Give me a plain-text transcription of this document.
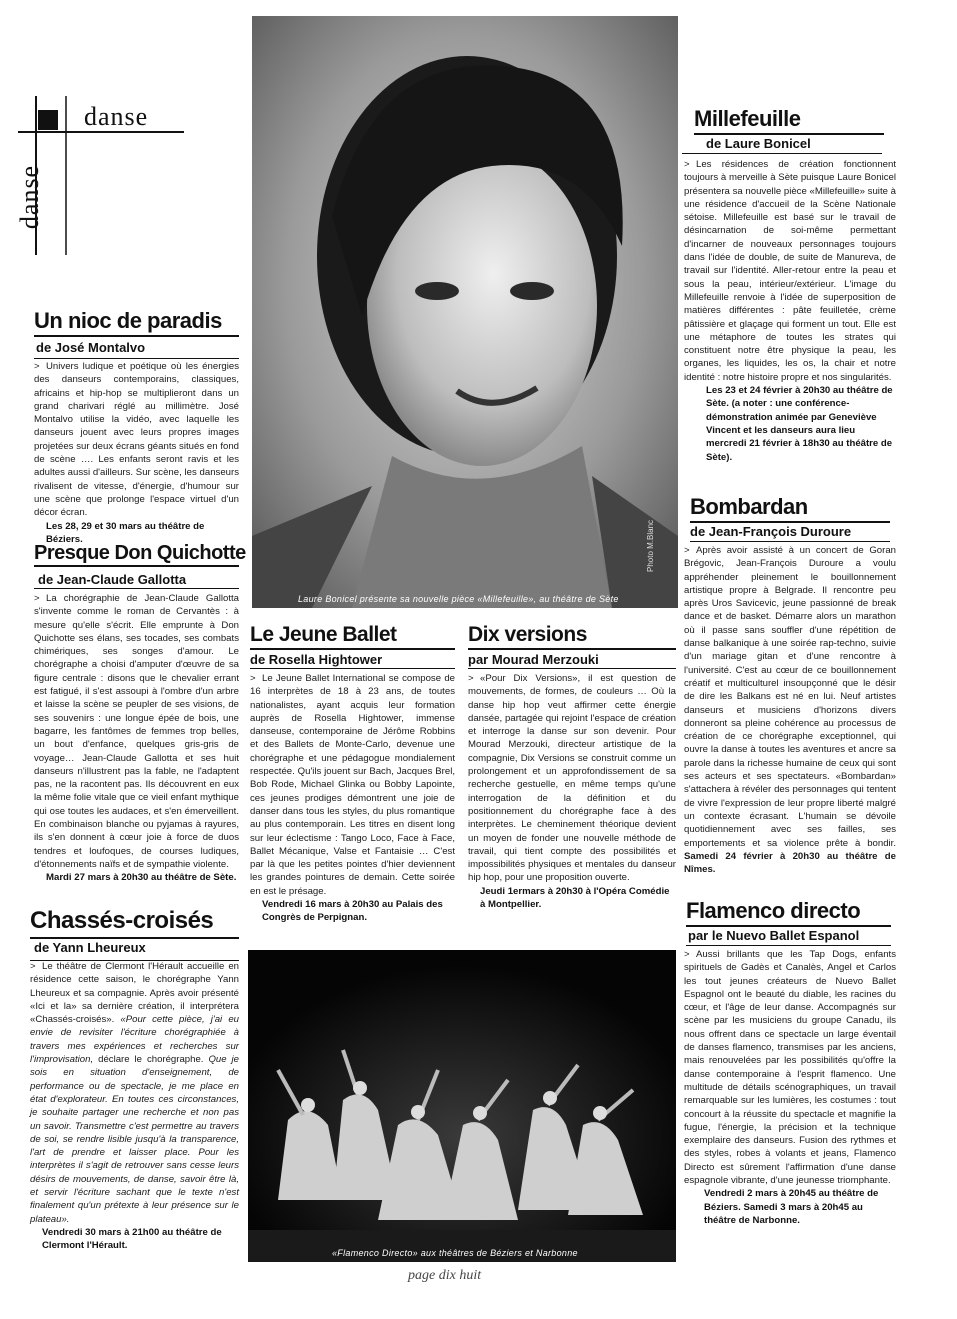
danse
danse
Un nioc de paradis
de José Montalvo
> Univers ludique et poétique où les énergies des danseurs contemporains, classiques, africains et hip-hop se multiplieront dans un grand charivari réglé au millimètre. José Montalvo utilise la vidéo, avec laquelle les danseurs jouent avec leurs propres images projetées sur deux écrans géants situés en fond de scène …. Les enfants seront ravis et les adultes aussi d'ailleurs. Sur scène, les danseurs rivalisent de vitesse, d'énergie, d'humour sur une scène que prolonge l'espace virtuel d'un décor écran.
Les 28, 29 et 30 mars au théâtre de Béziers.
Presque Don Quichotte
de Jean-Claude Gallotta
> La chorégraphie de Jean-Claude Gallotta s'invente comme le roman de Cervantès : à mesure qu'elle s'écrit. Elle emprunte à Don Quichotte ses élans, ses tocades, ses combats chimériques, ses songes d'amour. Le chorégraphe a choisi d'amputer d'œuvre de sa figure centrale : disons que le chevalier errant est fatigué, il s'est assoupi à l'ombre d'un arbre et laisse la scène se peupler de ses visions, de ses souvenirs : une longue épée de bois, une bagarre, les fantômes de femmes trop belles, un bout d'enfance, quelques gris-gris de voyage… Jean-Claude Gallotta et ses huit danseurs n'illustrent pas la fable, ne l'adaptent pas, ne la racontent pas. Ils découvrent en eux la même folie vitale que ce vieil enfant mythique qui ose toutes les audaces, et s'en émerveillent. En combinaison blanche ou pyjamas à rayures, ils s'en donnent à cœur joie à force de duos tendres et loufoques, de courses ludiques, d'étonnements naïfs et de sympathie violente.
Mardi 27 mars à 20h30 au théâtre de Sète.
Chassés-croisés
de Yann Lheureux
> Le théâtre de Clermont l'Hérault accueille en résidence cette saison, le chorégraphe Yann Lheureux et sa compagnie. Après avoir présenté «Ici et la» sa dernière création, il interprétera «Chassés-croisés». «Pour cette pièce, j'ai eu envie de revisiter l'écriture chorégraphiée à travers mes expériences et recherches sur l'improvisation, déclare le chorégraphe. Que je sois en situation d'enseignement, de performance ou de spectacle, je me place en état d'explorateur. En toutes ces circonstances, je souhaite partager une recherche et non pas un savoir. Transmettre c'est permettre au travers de soi, se rendre lisible jusqu'à la transparence, l'art de prendre et laisser place. Pour les interprètes il s'agit de retrouver sans cesse leurs désirs de mouvements, de danse, savoir être là, et servir l'écriture sachant que le texte n'est finalement qu'un prétexte à leur présence sur le plateau».
Vendredi 30 mars à 21h00 au théâtre de Clermont l'Hérault.
Laure Bonicel présente sa nouvelle pièce «Millefeuille», au théâtre de Sète
Photo M.Blanc
Le Jeune Ballet
de Rosella Hightower
> Le Jeune Ballet International se compose de 16 interprètes de 18 à 23 ans, de toutes nationalistes, ayant acquis leur formation auprès de Rosella Hightower, immense danseuse, contemporaine de Jérôme Robbins et des Ballets de Monte-Carlo, devenue une chorégraphe et une pédagogue mondialement respectée. Qu'ils jouent sur Bach, Jacques Brel, Bob Rode, Michael Glinka ou Bobby Lapointe, ces jeunes prodiges démontrent une joie de danser dans tous les styles, du plus romantique au plus contemporain. Les titres en disent long sur leur éclectisme : Tango Loco, Face à Face, Ballet Mécanique, Valse et Fantaisie … C'est par là que les petites pointes d'hier deviennent les grandes pointures de demain. Cette soirée en est le présage.
Vendredi 16 mars à 20h30 au Palais des Congrès de Perpignan.
Dix versions
par Mourad Merzouki
> «Pour Dix Versions», il est question de mouvements, de formes, de couleurs … Où la danse hip hop veut affirmer cette énergie dansée, partagée qui rejoint l'espace de création et interroge la danse sur son devenir. Pour Mourad Merzouki, directeur artistique de la compagnie, Dix Versions se construit comme un prolongement et un approfondissement de sa recherche gestuelle, en même temps qu'une interrogation de la définition et du positionnement du chorégraphe face à des interprètes. Le cheminement théorique devient un moyen de fonder une nouvelle méthode de travail, qui tient compte des possibilités et impossibilités physiques et mentales du danseur hip hop, pour une proposition ouverte.
Jeudi 1ermars à 20h30 à l'Opéra Comédie à Montpellier.
«Flamenco Directo» aux théâtres de Béziers et Narbonne
Millefeuille
de Laure Bonicel
> Les résidences de création fonctionnent toujours à merveille à Sète puisque Laure Bonicel présentera sa nouvelle pièce «Millefeuille» suite à une résidence d'accueil de la Scène Nationale sétoise. Millefeuille est basé sur le travail de désincarnation de soi-même permettant d'incarner de nouveaux personnages toujours dans l'idée de double, de suite de Manureva, de travail sur l'identité. Aller-retour entre la peau et sous la peau, intérieur/extérieur. L'image du Millefeuille renvoie à l'idée de superposition de matières différentes : pâte feuilletée, crème pâtissière et glaçage qui forment un tout. Elle est une métaphore de toutes les strates qui constituent notre être physique la peau, les organes, les liquides, les os, la chair et notre identité : notre histoire propre et nos singularités.
Les 23 et 24 février à 20h30 au théâtre de Sète. (a noter : une conférence-démonstration animée par Geneviève Vincent et les danseurs aura lieu mercredi 21 février à 18h30 au théâtre de Sète).
Bombardan
de Jean-François Duroure
> Après avoir assisté à un concert de Goran Brégovic, Jean-François Duroure a voulu appréhender pleinement le bouillonnement artistique propre à Belgrade. Il rencontre peu après Uros Savicevic, jeune passionné de break dance et de basket. Démarre alors un marathon où il passe sans souffler d'une répétition de danse balkanique à une soirée rap-techno, suivie d'un mariage gitan et d'une rencontre à l'université. C'est au cœur de ce bouillonnement créatif et multiculturel insoupçonné que le désir de dire les Balkans est né en lui. Neuf artistes danseurs et musiciens d'horizons divers donneront sa pleine cohérence au processus de création de ce chorégraphe exceptionnel, qui ouvre la danse à toutes les aventures et ancre sa parole dans la richesse humaine de ceux qui sont ses acteurs et ses spectateurs. «Bombardan» s'attachera à révéler des personnages qui tentent de vivre l'expression de leur propre liberté malgré un contexte écrasant. L'humain se dévoile quotidiennement avec ses failles, ses emportements et sa violence prête à bondir. Samedi 24 février à 20h30 au théâtre de Nîmes.
Flamenco directo
par le Nuevo Ballet Espanol
> Aussi brillants que les Tap Dogs, enfants spirituels de Gadès et Canalès, Angel et Carlos les tout jeunes créateurs de Nuevo Ballet Espagnol ont le beauté du diable, les racines du cœur, et l'âge de leur danse. Accompagnés sur scène par les musiciens du groupe Canadu, ils nous offrent dans ce spectacle un large éventail de danses flamenco, transmises par les anciens, mais renouvelées par les possibilités qu'offre la danse contemporaine à l'esprit flamenco. Une multitude de détails scénographiques, un travail remarquable sur les lumières, les costumes : tout concourt à la réussite du spectacle et magnifie la fugue, l'énergie, la précision et la technique exemplaire des danseurs. Fusion des rythmes et des styles, robes à volants et jeans, Flamenco Directo est sûrement l'affirmation d'une danse espagnole vibrante, d'une jeunesse triomphante.
Vendredi 2 mars à 20h45 au théâtre de Béziers. Samedi 3 mars à 20h45 au théâtre de Narbonne.
page dix huit
